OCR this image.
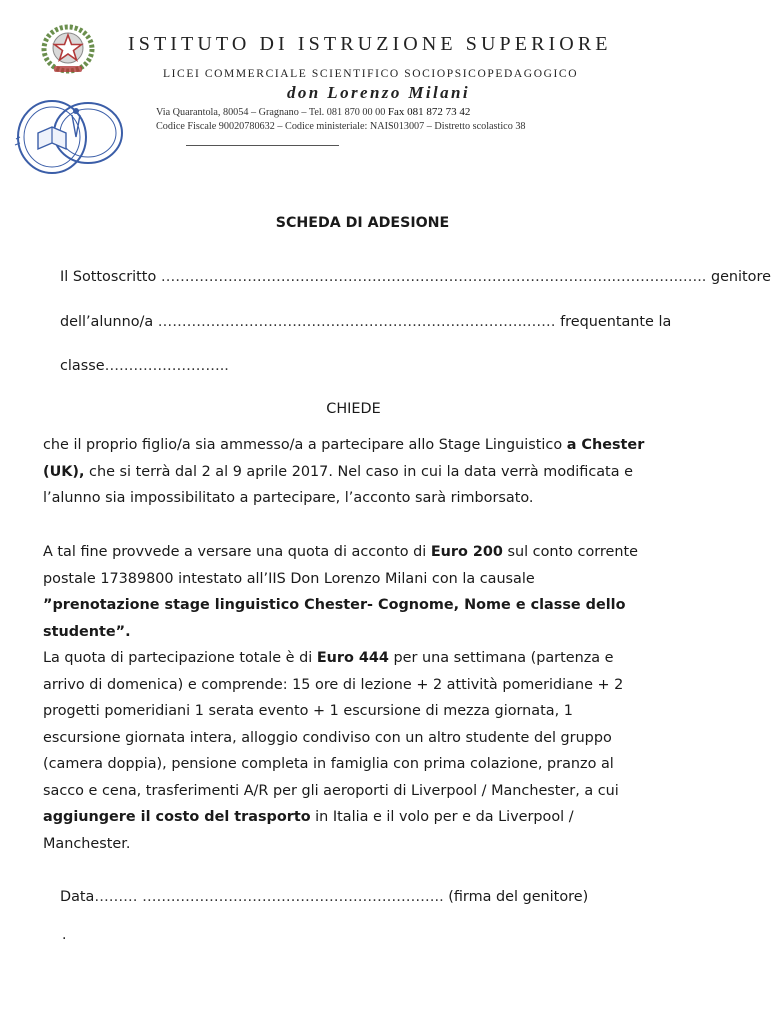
ISTITUTO DI ISTRUZIONE SUPERIORE
LICEI COMMERCIALE SCIENTIFICO SOCIOPSICOPEDAGOGICO
don Lorenzo Milani
Via Quarantola, 80054 – Gragnano – Tel. 081 870 00 00 Fax 081 872 73 42
Codice Fiscale 90020780632 – Codice ministeriale: NAIS013007 – Distretto scolastico 38
SCHEDA DI ADESIONE
Il Sottoscritto …………………………………………………………………………………..…………..….. genitore
dell’alunno/a …………………………………………………………………..…… frequentante la
classe……………………..
CHIEDE
che il proprio figlio/a sia ammesso/a a partecipare allo Stage Linguistico a Chester
(UK), che si terrà dal 2 al 9 aprile 2017. Nel caso in cui la data verrà modificata e
l’alunno sia impossibilitato a partecipare, l’acconto sarà rimborsato.
A tal fine provvede a versare una quota di acconto di Euro 200 sul conto corrente
postale 17389800 intestato all’IIS Don Lorenzo Milani con la causale
”prenotazione stage linguistico Chester- Cognome, Nome e classe dello
studente”.
La quota di partecipazione totale è di Euro 444 per una settimana (partenza e
arrivo di domenica) e comprende: 15 ore di lezione + 2 attività pomeridiane + 2
progetti pomeridiani 1 serata evento + 1 escursione di mezza giornata, 1
escursione giornata intera, alloggio condiviso con un altro studente del gruppo
(camera doppia), pensione completa in famiglia con prima colazione, pranzo al
sacco e cena, trasferimenti A/R per gli aeroporti di Liverpool / Manchester, a cui
aggiungere il costo del trasporto in Italia e il volo per e da Liverpool /
Manchester.
Data……… …….……………………………………………….. (firma del genitore)
.
